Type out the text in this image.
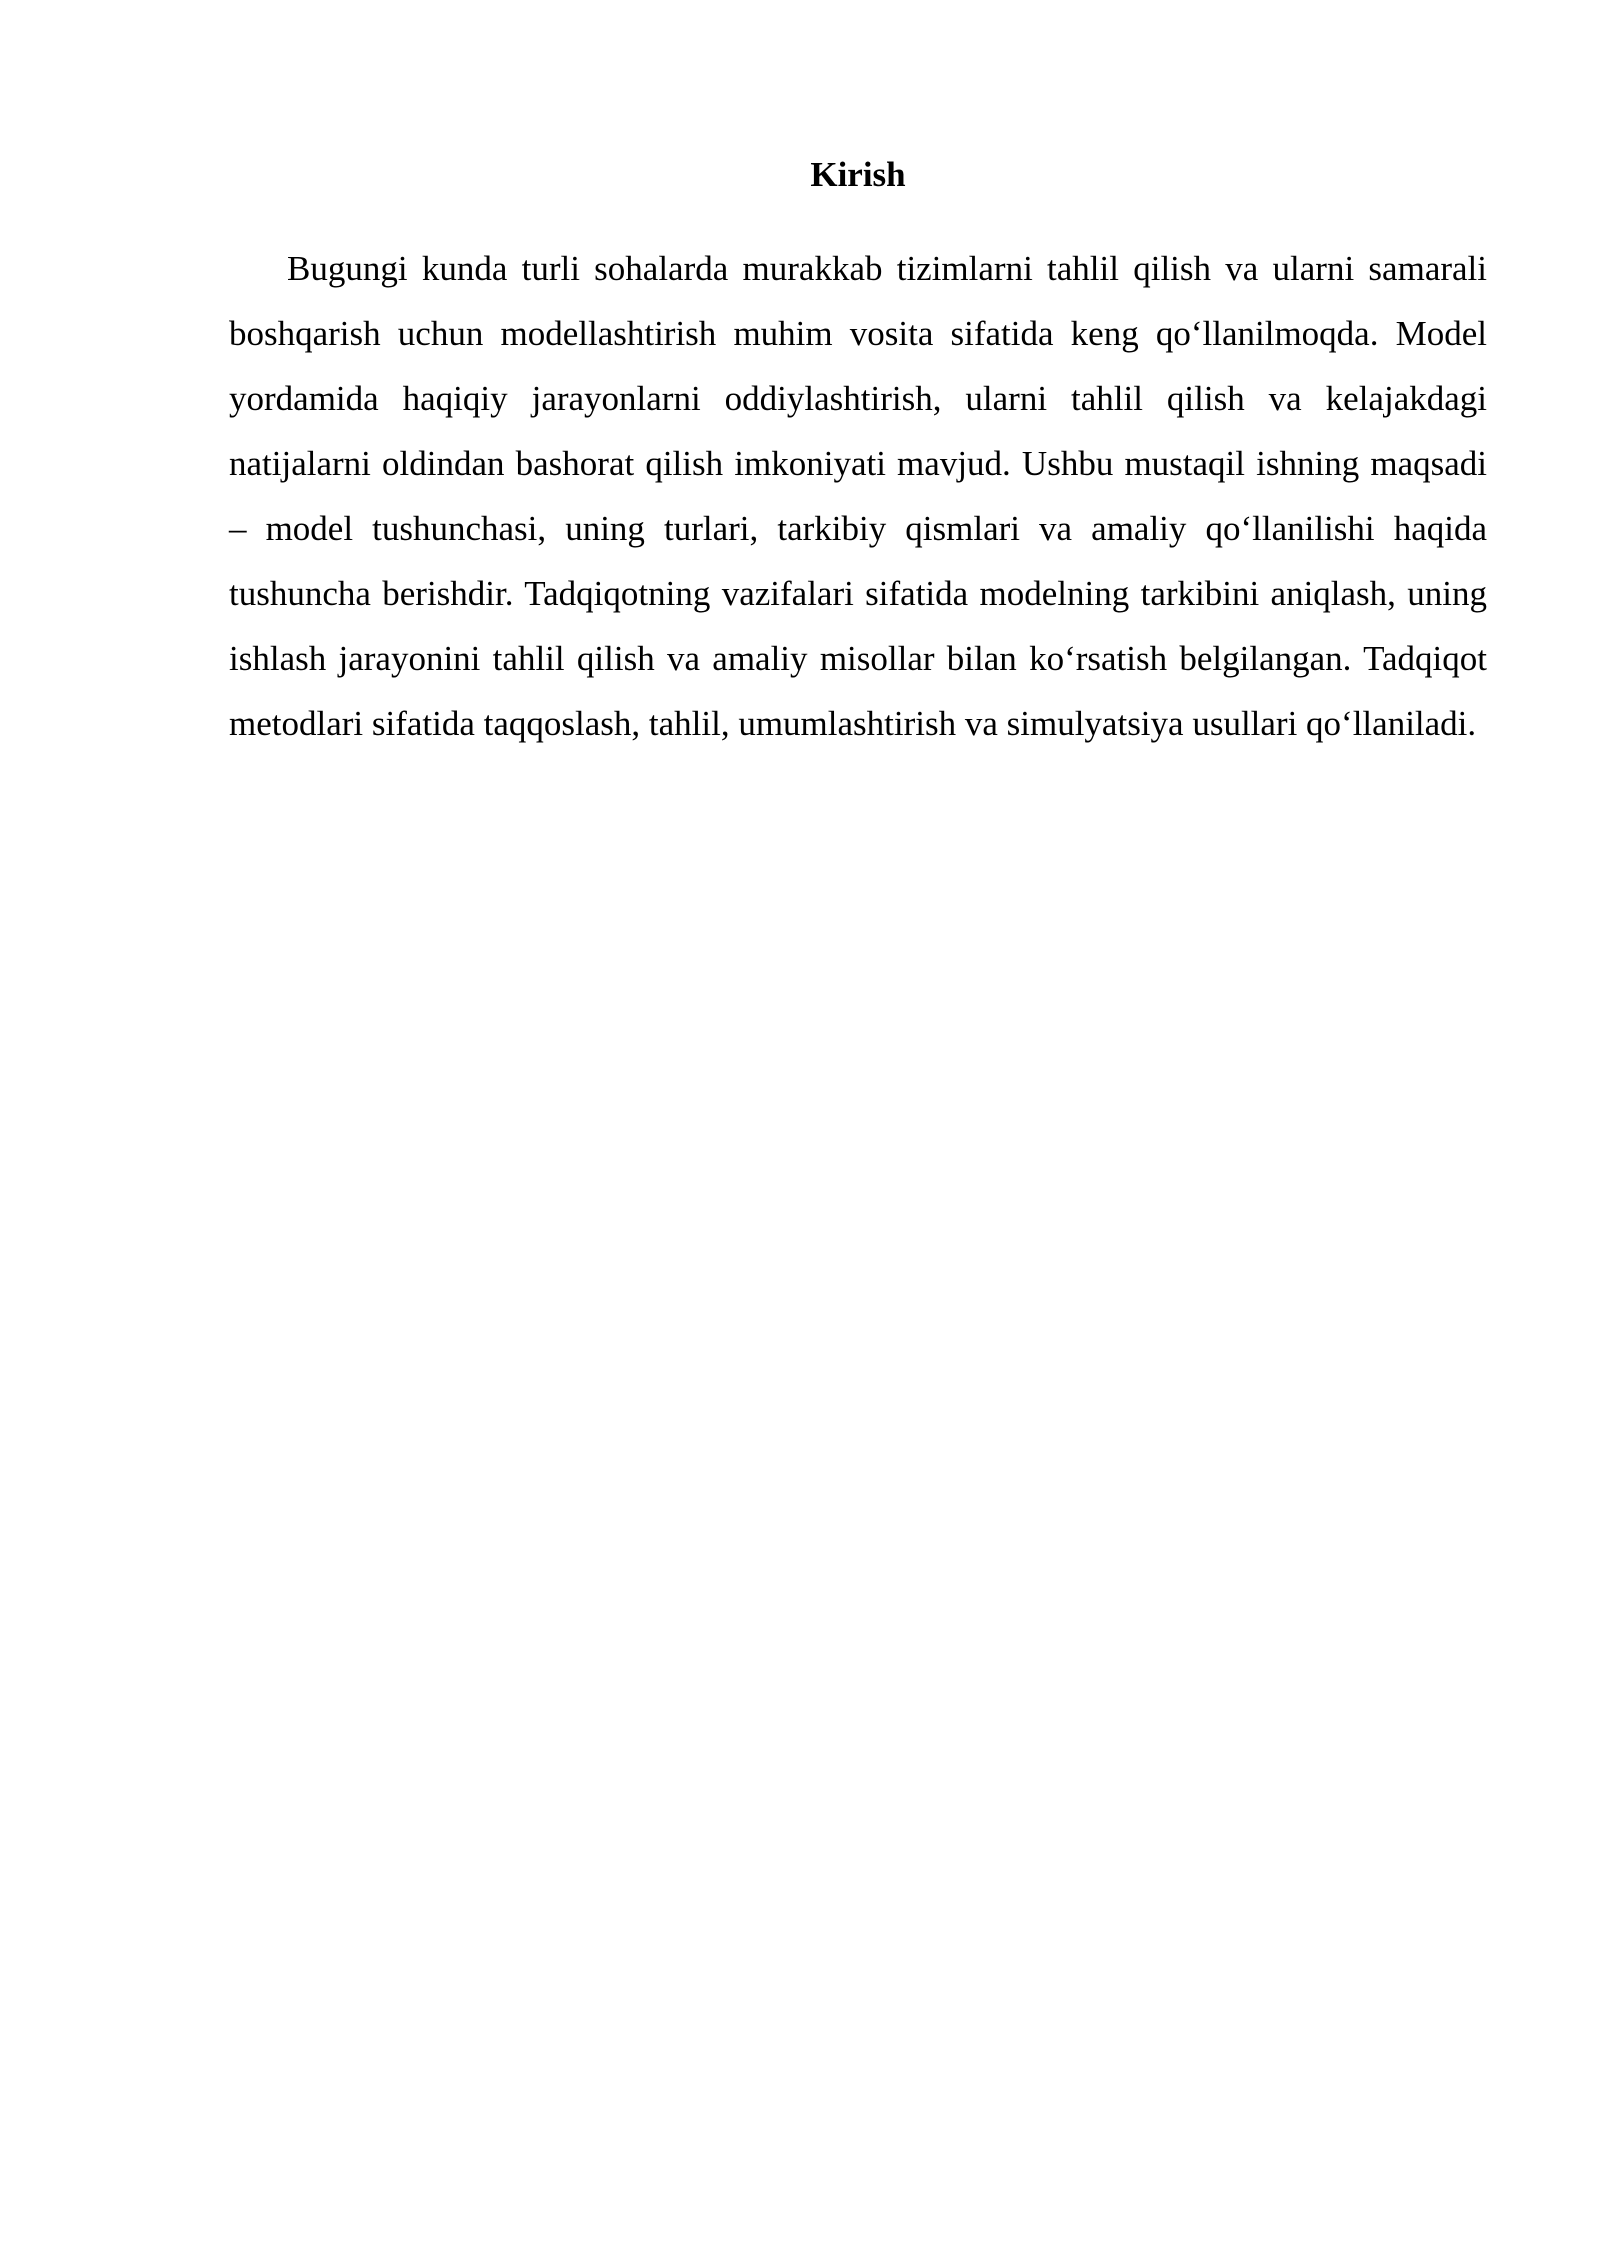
Kirish

Bugungi kunda turli sohalarda murakkab tizimlarni tahlil qilish va ularni samarali boshqarish uchun modellashtirish muhim vosita sifatida keng qo‘llanilmoqda. Model yordamida haqiqiy jarayonlarni oddiylashtirish, ularni tahlil qilish va kelajakdagi natijalarni oldindan bashorat qilish imkoniyati mavjud. Ushbu mustaqil ishning maqsadi – model tushunchasi, uning turlari, tarkibiy qismlari va amaliy qo‘llanilishi haqida tushuncha berishdir. Tadqiqotning vazifalari sifatida modelning tarkibini aniqlash, uning ishlash jarayonini tahlil qilish va amaliy misollar bilan ko‘rsatish belgilangan. Tadqiqot metodlari sifatida taqqoslash, tahlil, umumlashtirish va simulyatsiya usullari qo‘llaniladi.
